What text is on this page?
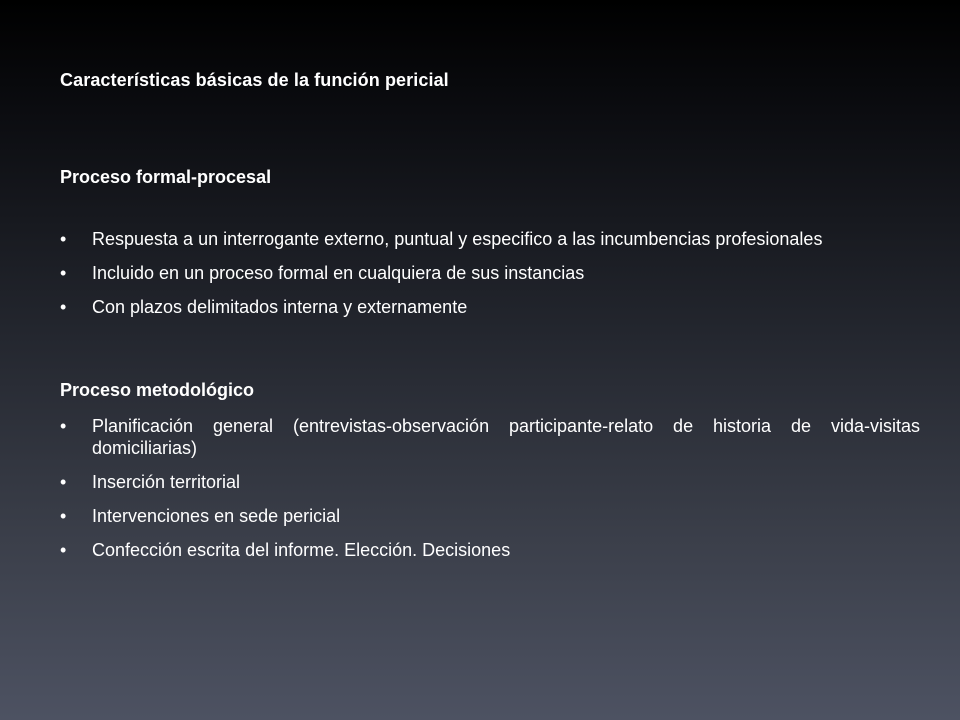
Características básicas de la función pericial
Proceso formal-procesal
• Respuesta a un interrogante externo, puntual y especifico a las incumbencias profesionales
• Incluido en un proceso formal en cualquiera de sus instancias
• Con plazos delimitados interna y externamente
Proceso metodológico
• Planificación general (entrevistas-observación participante-relato de historia de vida-visitas domiciliarias)
• Inserción territorial
• Intervenciones en sede pericial
• Confección escrita del informe. Elección. Decisiones
